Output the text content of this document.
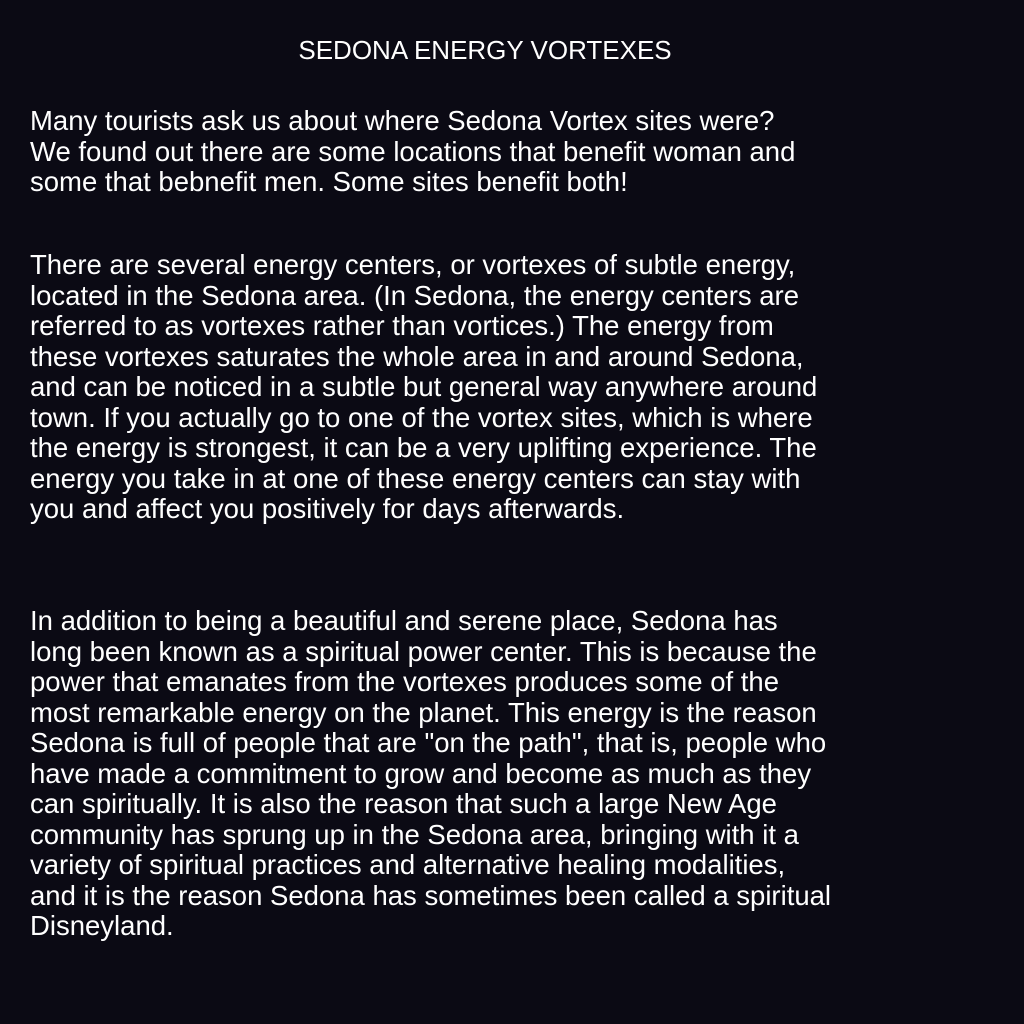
SEDONA ENERGY VORTEXES

Many tourists ask us about where Sedona Vortex sites were?
We found out there are some locations that benefit woman and
some that bebnefit men. Some sites benefit both!

There are several energy centers, or vortexes of subtle energy,
located in the Sedona area. (In Sedona, the energy centers are
referred to as vortexes rather than vortices.) The energy from
these vortexes saturates the whole area in and around Sedona,
and can be noticed in a subtle but general way anywhere around
town. If you actually go to one of the vortex sites, which is where
the energy is strongest, it can be a very uplifting experience. The
energy you take in at one of these energy centers can stay with
you and affect you positively for days afterwards.

In addition to being a beautiful and serene place, Sedona has
long been known as a spiritual power center. This is because the
power that emanates from the vortexes produces some of the
most remarkable energy on the planet. This energy is the reason
Sedona is full of people that are "on the path", that is, people who
have made a commitment to grow and become as much as they
can spiritually. It is also the reason that such a large New Age
community has sprung up in the Sedona area, bringing with it a
variety of spiritual practices and alternative healing modalities,
and it is the reason Sedona has sometimes been called a spiritual
Disneyland.
